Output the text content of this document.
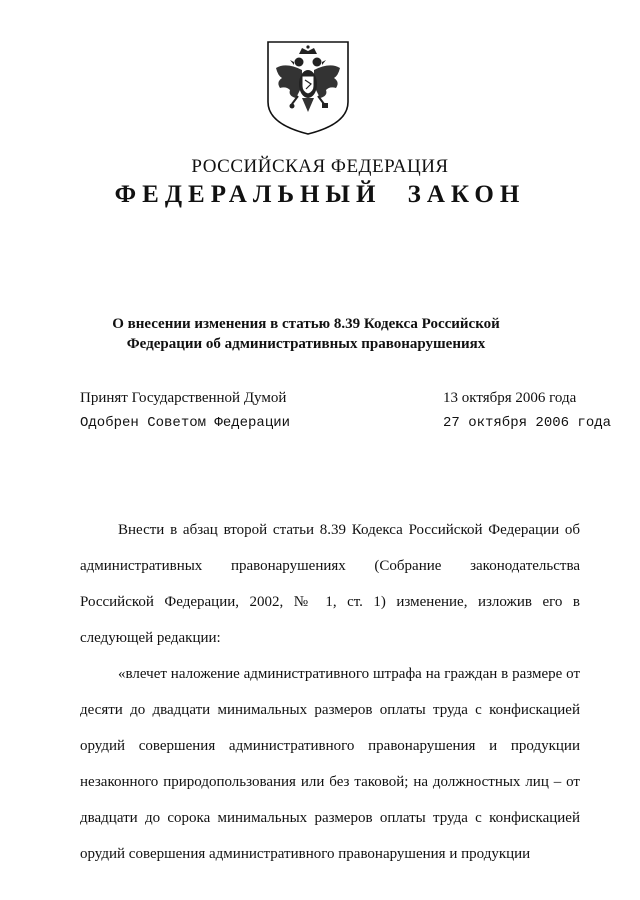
РОССИЙСКАЯ ФЕДЕРАЦИЯ
ФЕДЕРАЛЬНЫЙ ЗАКОН
О внесении изменения в статью 8.39 Кодекса Российской
Федерации об административных правонарушениях
Принят Государственной Думой	13 октября 2006 года
Одобрен Советом Федерации	27 октября 2006 года

Внести в абзац второй статьи 8.39 Кодекса Российской Федерации об административных правонарушениях (Собрание законодательства Российской Федерации, 2002, № 1, ст. 1) изменение, изложив его в следующей редакции:

«влечет наложение административного штрафа на граждан в размере от десяти до двадцати минимальных размеров оплаты труда с конфискацией орудий совершения административного правонарушения и продукции незаконного природопользования или без таковой; на должностных лиц – от двадцати до сорока минимальных размеров оплаты труда с конфискацией орудий совершения административного правонарушения и продукции
